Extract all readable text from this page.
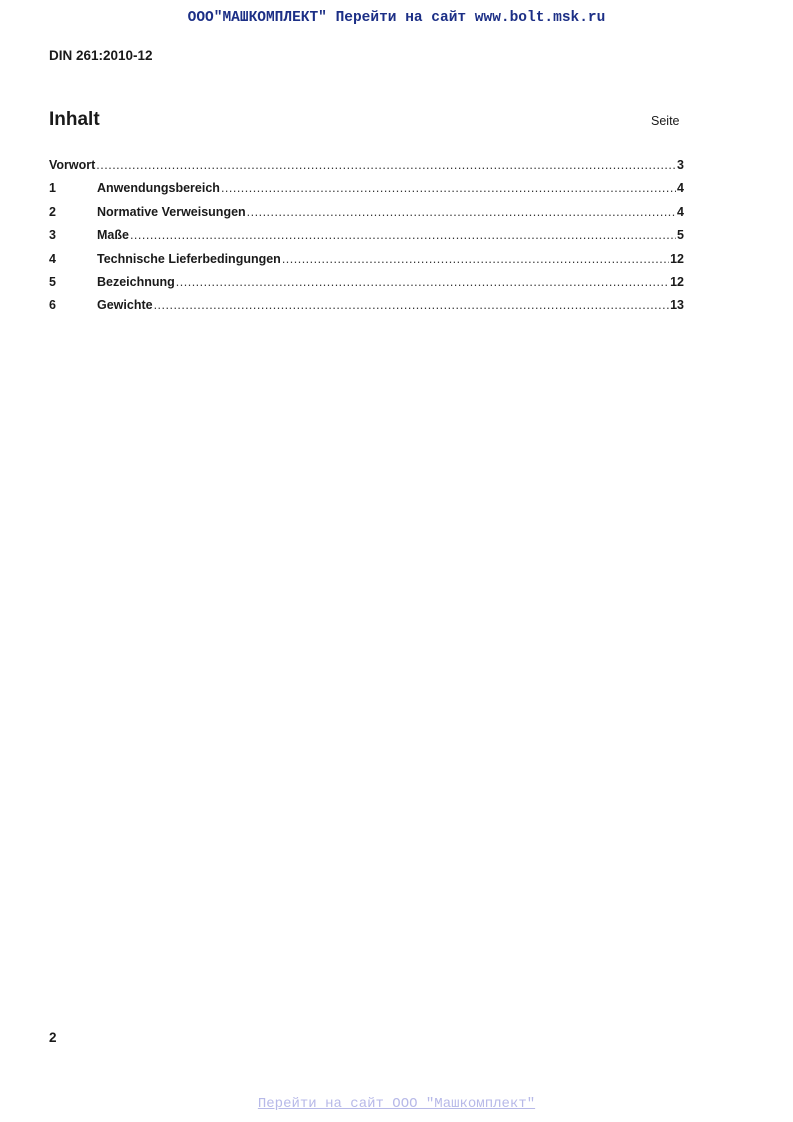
ООО"МАШКОМПЛЕКТ" Перейти на сайт www.bolt.msk.ru
DIN 261:2010-12
Inhalt	Seite
Vorwort .....	3
1	Anwendungsbereich .....	4
2	Normative Verweisungen .....	4
3	Maße .....	5
4	Technische Lieferbedingungen .....	12
5	Bezeichnung .....	12
6	Gewichte .....	13
2
Перейти на сайт ООО "Машкомплект"
